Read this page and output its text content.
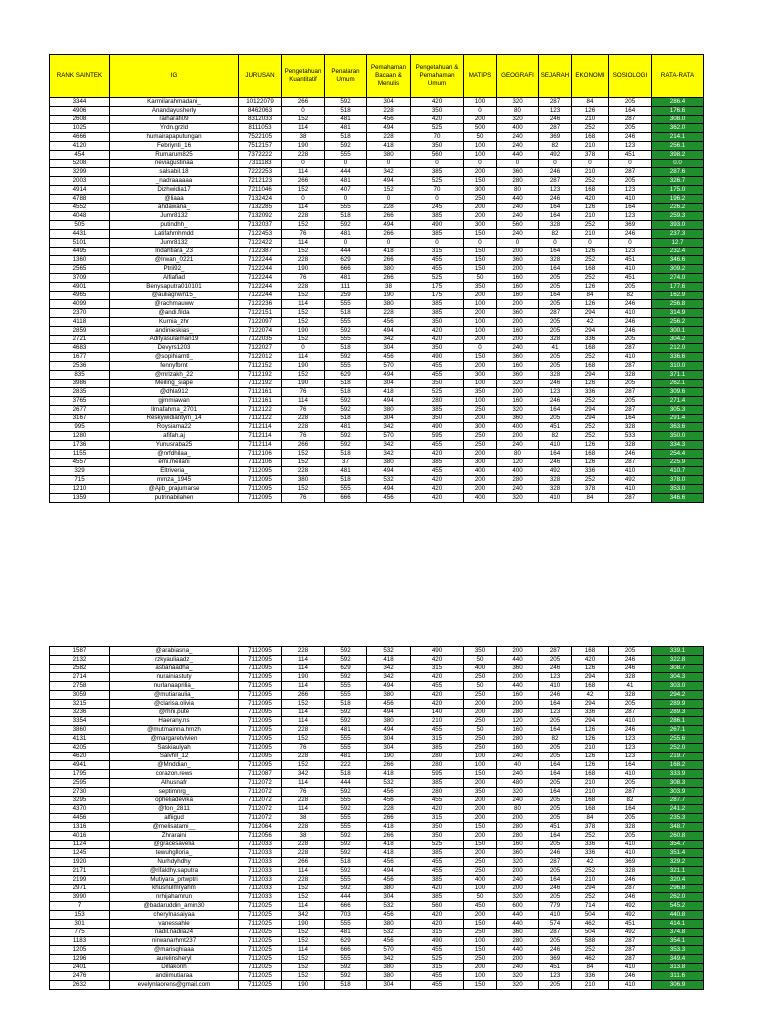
RANK SAINTEK	IG	JURUSAN	Pengetahuan Kuantitatif	Penalaran Umum	Pemahaman Bacaan & Menulis	Pengetahuan & Pemahaman Umum	MATIPS	GEOGRAFI	SEJARAH	EKONOMI	SOSIOLOGI	RATA-RATA
3344	Karmilarahmadani_	10122079	266	592	304	420	100	320	287	84	205	286.4
4906	Anandayusherly	8462063	0	518	228	350	0	80	123	126	164	176.6
2608	raiharafi09	8312033	152	481	456	420	200	320	246	210	287	308.0
1025	Yrdn.grzld	8111053	114	481	494	525	500	400	287	252	205	362.0
4666	humairapaputungan	7522105	38	518	228	70	50	240	369	168	246	214.1
4120	Febriynti_16	7512157	190	592	418	350	100	240	82	210	123	256.1
454	Rumarum825	7372222	228	555	380	560	100	440	492	378	451	398.2
5208	neviagustinaa	7311183	0	0	0	0	0	0	0	0	0	0.0
3299	salsabil.18	7222253	114	444	342	385	200	360	246	210	287	287.6
2003	_nadraaaaaa	7212123	266	481	494	525	150	280	287	252	205	326.7
4914	Dizhwidia17	7211046	152	407	152	70	300	80	123	168	123	175.0
4788	@liaaa	7132424	0	0	0	0	250	440	246	420	410	196.2
4552	ahdawana_	7132285	114	555	228	245	200	240	164	126	164	226.2
4048	Jumr8132	7132092	228	518	266	385	200	240	164	210	123	259.3
505	putindhh_	7132037	152	592	494	490	300	560	328	252	369	393.0
4431	Latifahmhmdd	7122453	76	481	266	385	150	240	82	210	246	237.3
5101	Jumr8132	7122422	114	0	0	0	0	0	0	0	0	12.7
4495	Indahtiara_23	7122387	152	444	418	315	150	200	164	126	123	232.4
1360	@Irwan_0221	7122244	228	629	266	455	150	360	328	252	451	346.6
2565	Ptrii92_	7122244	190	666	380	455	150	200	164	168	410	309.2
3709	Alfiafiad	7122244	76	481	266	525	50	160	205	252	451	274.0
4901	Benysaputra010101	7122244	228	111	38	175	350	160	205	126	205	177.6
4965	@auliagnwn15_	7122244	152	259	190	175	200	160	164	84	82	162.9
4099	@rachmauww	7122236	114	555	380	385	100	200	205	126	246	256.8
2370	@andi.filda	7122151	152	518	228	385	200	360	287	294	410	314.9
4118	Kurnia_zhr	7122097	152	555	456	350	100	200	205	42	246	256.2
2859	andinieskias_	7122074	190	592	494	420	100	160	205	294	246	300.1
2721	Adityasulaiman19	7122035	152	555	342	420	200	200	328	336	205	304.2
4683	Devyrs1203	7122027	0	518	304	350	0	240	41	168	287	212.0
1677	@sopihiarntl_	7122012	114	592	456	490	150	360	205	252	410	336.6
2536	fennyfbrnt	7112152	190	555	570	455	200	160	205	168	287	310.0
835	@mrlzakh_22	7112192	152	629	494	455	300	360	328	294	328	371.1
3986	Meiling_siape	7112192	190	518	304	350	100	320	246	126	205	262.1
2835	@dhla912	7112161	76	518	418	525	350	200	123	336	287	309.6
3765	gjmmiawan	7112161	114	592	494	280	100	160	246	252	205	271.4
2677	Ilmafahma_2701	7112122	76	592	380	385	250	320	164	294	287	305.3
3167	Reskywidiantym_14	7112122	228	518	304	350	200	360	205	294	164	291.4
995	Roysiama22	7112114	228	481	342	490	300	400	451	252	328	363.6
1280	afifah.aj	7112114	76	592	570	595	250	200	82	252	533	350.0
1736	Yunusraba25	7112114	266	592	342	455	250	240	410	126	328	334.3
1155	@nrfdhilaa_	7112106	152	518	342	420	200	80	164	168	246	254.4
4557	emi.meilani	7112106	152	37	380	385	300	120	246	126	287	225.9
329	Eltriveria_	7112095	228	481	494	455	400	400	492	336	410	410.7
715	mmza_1945	7112095	380	518	532	420	200	280	328	252	492	378.0
1210	@Ajib_prajumarse	7112095	152	555	494	420	200	240	328	378	410	353.0
1359	putrinabilahen	7112095	76	666	456	420	400	320	410	84	287	346.6
1587	@arabiasna_	7112095	228	592	532	490	350	200	287	168	205	339.1
2132	rzkyauliaadz_	7112095	114	592	418	420	50	440	205	420	246	322.8
2582	astianaadha_	7112095	114	629	342	315	400	360	246	126	246	308.7
2714	nurainiastuty	7112095	190	592	342	420	250	200	123	294	328	304.3
2758	nurlanaaprilia_	7112095	114	555	494	455	50	440	410	168	41	303.0
3059	@mutiaraulia_	7112095	266	555	380	420	250	160	246	42	328	294.2
3215	@clarisa.olivia	7112095	152	518	456	420	200	200	164	294	205	289.9
3236	@rhni.pute	7112095	114	592	494	140	200	280	123	336	287	289.3
3354	Haerany.ns	7112095	114	592	380	210	250	120	205	294	410	286.1
3860	@mutmainna.hmzh	7112095	228	481	494	455	50	160	164	126	246	267.1
4131	@margaretvivien	7112095	152	555	304	315	250	280	82	126	123	255.6
4205	Saskiaulyah	7112095	76	555	304	385	250	160	205	210	123	252.0
4620	Salvhll_12	7112095	228	481	190	280	100	240	205	126	123	219.7
4941	@Mnddian_	7112095	152	222	266	280	100	40	164	126	164	168.2
1795	corazon.rews	7112087	342	518	418	595	150	240	164	168	410	333.9
2595	Alhusnafr	7112072	114	444	532	385	200	480	205	210	205	308.3
2730	septimnrg_	7112072	76	592	456	280	350	320	164	210	287	303.9
3295	opheliadevika	7112072	228	555	456	455	200	240	205	168	82	287.7
4370	@fon_2811	7112072	114	592	228	420	200	80	205	168	164	241.2
4456	alfiigud	7112072	38	555	266	315	200	200	205	84	205	235.3
1316	@melisatami__	7112064	228	555	418	350	150	280	451	378	328	348.7
4016	Zhraraini	7112056	38	592	266	350	200	280	164	252	205	260.8
1124	@gracesavelia	7112033	228	592	418	525	150	160	205	336	410	354.7
1245	tewuhglloria_	7112033	228	592	418	385	200	360	246	336	410	351.4
1920	Nurhdyhdhy	7112033	266	518	456	455	250	320	287	42	369	329.2
2171	@rifaldhy.saputra	7112033	114	592	494	455	250	200	205	252	328	321.1
2199	Mutiyara_prtwptri	7112033	228	555	456	385	400	240	164	210	246	320.4
2971	khusnulmryahm	7112033	152	592	380	420	100	200	246	294	287	296.8
3990	nrhijahamrun	7112033	152	444	304	385	50	320	205	252	246	262.0
7	@badaruddin_amin30	7112025	114	666	532	560	450	600	779	714	492	545.2
153	cherylnasaiyaa	7112025	342	703	456	420	200	440	410	504	492	440.8
301	vanessahle	7112025	190	555	380	420	150	440	574	462	451	414.1
775	nadil.nadila24	7112025	152	481	532	315	250	360	287	504	492	374.8
1183	nirwanarhmt237	7112025	152	629	456	490	100	280	205	588	287	354.1
1205	@marisqhiaaa	7112025	114	666	570	455	150	440	246	252	287	353.3
1296	aurelinsheryl	7112025	152	555	342	525	250	200	369	462	287	349.4
2401	Dillakonh	7112025	152	592	380	315	200	240	451	84	410	313.8
2476	andiimutiaraa	7112025	152	592	380	455	100	320	123	336	246	311.6
2632	evelynlaorens@gmail.com	7112025	190	518	304	455	150	320	205	210	410	306.9
